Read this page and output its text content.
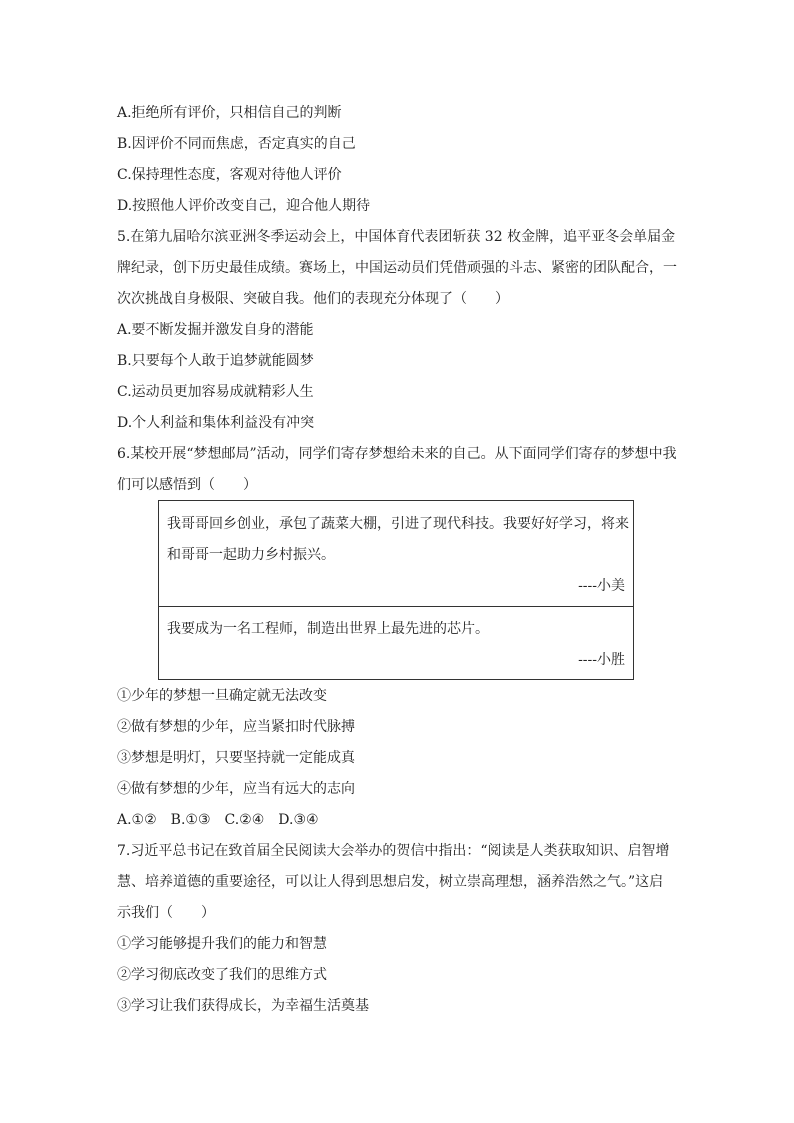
A.拒绝所有评价，只相信自己的判断
B.因评价不同而焦虑，否定真实的自己
C.保持理性态度，客观对待他人评价
D.按照他人评价改变自己，迎合他人期待
5.在第九届哈尔滨亚洲冬季运动会上，中国体育代表团斩获 32 枚金牌，追平亚冬会单届金
牌纪录，创下历史最佳成绩。赛场上，中国运动员们凭借顽强的斗志、紧密的团队配合，一
次次挑战自身极限、突破自我。他们的表现充分体现了（　　）
A.要不断发掘并激发自身的潜能
B.只要每个人敢于追梦就能圆梦
C.运动员更加容易成就精彩人生
D.个人利益和集体利益没有冲突
6.某校开展“梦想邮局”活动，同学们寄存梦想给未来的自己。从下面同学们寄存的梦想中我
们可以感悟到（　　）
我哥哥回乡创业，承包了蔬菜大棚，引进了现代科技。我要好好学习，将来
和哥哥一起助力乡村振兴。
----小美
我要成为一名工程师，制造出世界上最先进的芯片。
----小胜
①少年的梦想一旦确定就无法改变
②做有梦想的少年，应当紧扣时代脉搏
③梦想是明灯，只要坚持就一定能成真
④做有梦想的少年，应当有远大的志向
A.①②　B.①③　C.②④　D.③④
7.习近平总书记在致首届全民阅读大会举办的贺信中指出：“阅读是人类获取知识、启智增
慧、培养道德的重要途径，可以让人得到思想启发，树立崇高理想，涵养浩然之气。”这启
示我们（　　）
①学习能够提升我们的能力和智慧
②学习彻底改变了我们的思维方式
③学习让我们获得成长，为幸福生活奠基
